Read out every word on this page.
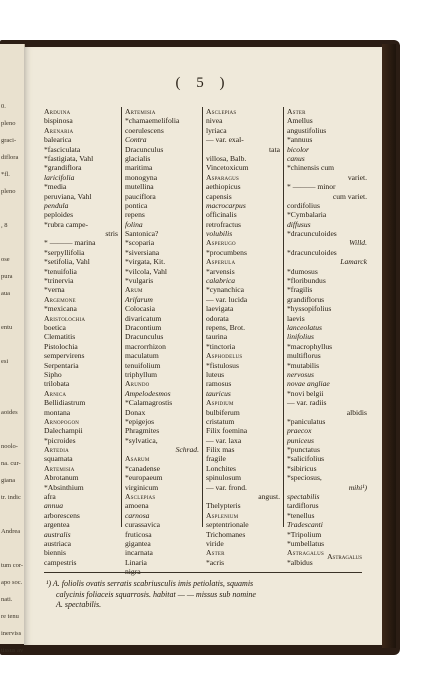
0.
pleno
graci-
diflora
*fl.
pleno
, 8
ose
pura
aua
entu
esi
aoides
noolo-
na. cur-
giana
tr. indic
Andrea
tum cor-
apo soc.
nati.
re tenu
inerviss
tissus av
( 5 )
Arduina
bispinosa
Arenaria
balearica
*fasciculata
*fastigiata, Vahl
*grandiflora
laricifolia
*media
peruviana, Vahl
pendula
peploides
*rubra campe-
stris
* ——— marina
*serpyllifolia
*setifolia, Vahl
*tenuifolia
*trinervia
*verna
Argemone
*mexicana
Aristolochia
boetica
Clematitis
Pistolochia
sempervirens
Serpentaria
Sipho
trilobata
Arnica
Bellidiastrum
montana
Arnopogon
Dalechampii
*picroides
Artedia
squamata
Artemisia
Abrotanum
*Absinthium
afra
annua
arborescens
argentea
australis
austriaca
biennis
campestris
Artemisia
*chamaemelifolia
coerulescens
Contra
Dracunculus
glacialis
maritima
monogyna
mutellina
pauciflora
pontica
repens
folina
Santonica?
*scoparia
*siversiana
*virgata, Kit.
*vilcola, Vahl
*vulgaris
Arum
Arifarum
Colocasia
divaricatum
Dracontium
Dracunculus
macrorrhizon
maculatum
tenuifolium
triphyllum
Arundo
Ampelodesmos
*Calamagrostis
Donax
*epigejos
Phragmites
*sylvatica,
Schrad.
Asarum
*canadense
*europaeum
virginicum
Asclepias
amoena
carnosa
curassavica
fruticosa
gigantea
incarnata
Linaria
nigra
Asclepias
nivea
lyriaca
— var. exal-
tata
villosa, Balb.
Vincetoxicum
Asparagus
aethiopicus
capensis
macrocarpus
officinalis
retrofractus
volubilis
Asperugo
*procumbens
Asperula
*arvensis
calabrica
*cynanchica
— var. lucida
laevigata
odorata
repens, Brot.
taurina
*tinctoria
Asphodelus
*fistulosus
luteus
ramosus
tauricus
Aspidium
bulbiferum
cristatum
Filix foemina
— var. laxa
Filix mas
fragile
Lonchites
spinulosum
— var. frond.
angust.
Thelypteris
Asplenium
septentrionale
Trichomanes
viride
Aster
*acris
Aster
Amellus
angustifolius
*annuus
bicolor
canus
*chinensis cum
variet.
* ——— minor
cum variet.
cordifolius
*Cymbalaria
diffusus
*dracunculoides
Willd.
*dracunculoides
Lamarck
*dumosus
*floribundus
*fragilis
grandiflorus
*hyssopifolius
laevis
lanceolatus
linifolius
*macrophyllus
multiflorus
*mutabilis
nervosus
novae angliae
*novi belgii
— var. radiis
albidis
*paniculatus
praecox
puniceus
*punctatus
*salicifolius
*sibiricus
*speciosus,
mihi¹)
spectabilis
tardiflorus
*tenellus
Tradescanti
*Tripolium
*umbellatus
Astragalus
*albidus
Astragalus
¹) A. foliolis ovatis serratis scabriusculis imis petiolatis, squamis
calycinis foliaceis squarrosis. habitat — — missus sub nomine
A. spectabilis.
